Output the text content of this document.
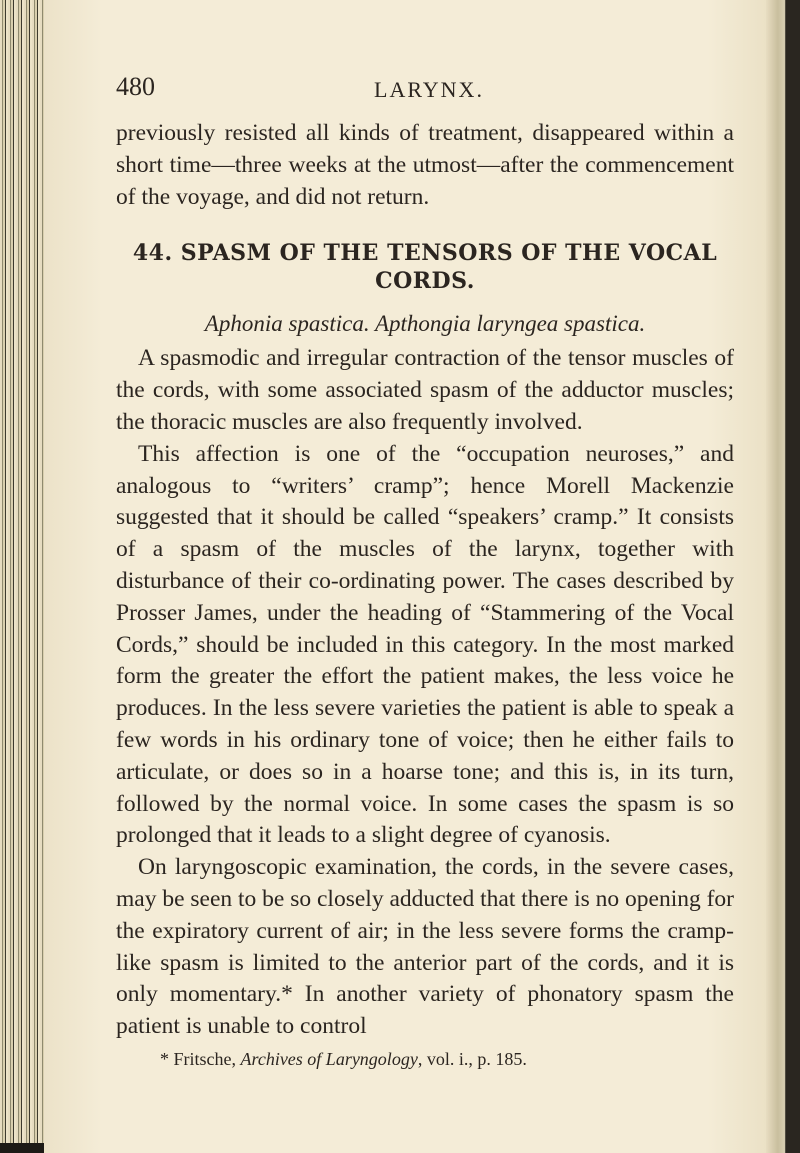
480	LARYNX.

previously resisted all kinds of treatment, disappeared within a short time—three weeks at the utmost—after the commencement of the voyage, and did not return.

44. SPASM OF THE TENSORS OF THE VOCAL CORDS.

Aphonia spastica. Apthongia laryngea spastica.

A spasmodic and irregular contraction of the tensor muscles of the cords, with some associated spasm of the adductor muscles; the thoracic muscles are also frequently involved.

This affection is one of the “occupation neuroses,” and analogous to “writers’ cramp”; hence Morell Mackenzie suggested that it should be called “speakers’ cramp.” It consists of a spasm of the muscles of the larynx, together with disturbance of their co-ordinating power. The cases described by Prosser James, under the heading of “Stammering of the Vocal Cords,” should be included in this category. In the most marked form the greater the effort the patient makes, the less voice he produces. In the less severe varieties the patient is able to speak a few words in his ordinary tone of voice; then he either fails to articulate, or does so in a hoarse tone; and this is, in its turn, followed by the normal voice. In some cases the spasm is so prolonged that it leads to a slight degree of cyanosis.

On laryngoscopic examination, the cords, in the severe cases, may be seen to be so closely adducted that there is no opening for the expiratory current of air; in the less severe forms the cramp-like spasm is limited to the anterior part of the cords, and it is only momentary.* In another variety of phonatory spasm the patient is unable to control

* Fritsche, Archives of Laryngology, vol. i., p. 185.
